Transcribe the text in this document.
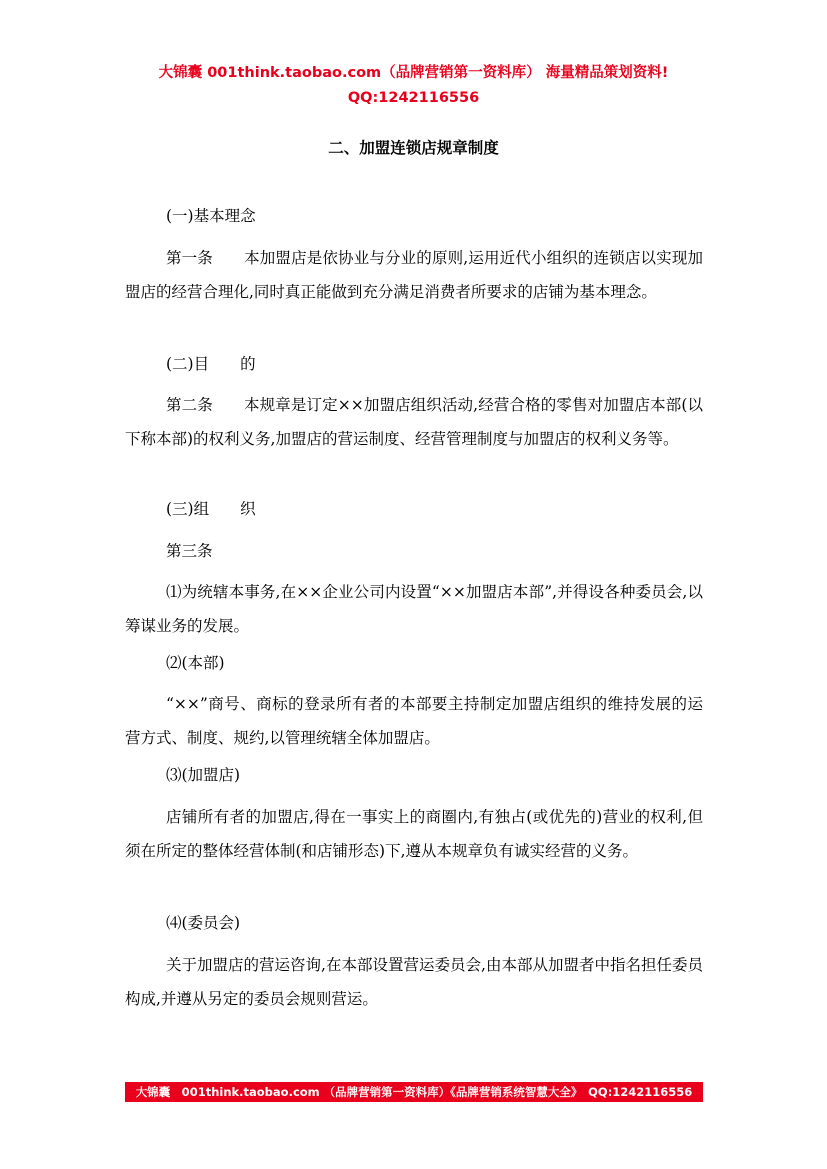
大锦囊 001think.taobao.com（品牌营销第一资料库） 海量精品策划资料!
QQ:1242116556
二、加盟连锁店规章制度

(一)基本理念

第一条 本加盟店是依协业与分业的原则,运用近代小组织的连锁店以实现加盟店的经营合理化,同时真正能做到充分满足消费者所要求的店铺为基本理念。

(二)目　　的

第二条 本规章是订定××加盟店组织活动,经营合格的零售对加盟店本部(以下称本部)的权利义务,加盟店的营运制度、经营管理制度与加盟店的权利义务等。

(三)组　　织

第三条

⑴为统辖本事务,在××企业公司内设置“××加盟店本部”,并得设各种委员会,以筹谋业务的发展。

⑵(本部)

“××”商号、商标的登录所有者的本部要主持制定加盟店组织的维持发展的运营方式、制度、规约,以管理统辖全体加盟店。

⑶(加盟店)

店铺所有者的加盟店,得在一事实上的商圈内,有独占(或优先的)营业的权利,但须在所定的整体经营体制(和店铺形态)下,遵从本规章负有诚实经营的义务。

⑷(委员会)

关于加盟店的营运咨询,在本部设置营运委员会,由本部从加盟者中指名担任委员构成,并遵从另定的委员会规则营运。

大锦囊　001think.taobao.com （品牌营销第一资料库）《品牌营销系统智慧大全》　QQ:1242116556
